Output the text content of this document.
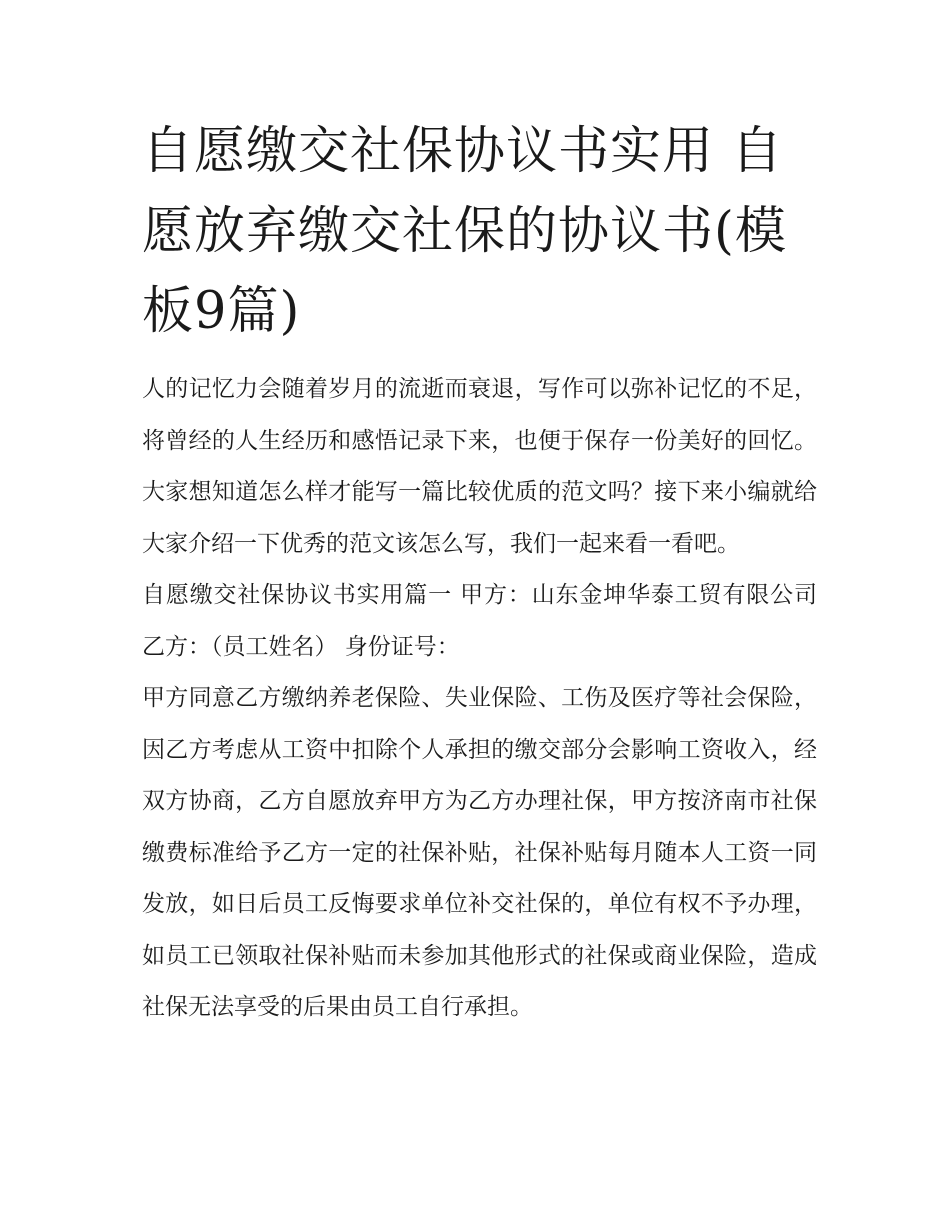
自愿缴交社保协议书实用 自愿放弃缴交社保的协议书(模板9篇)

人的记忆力会随着岁月的流逝而衰退，写作可以弥补记忆的不足，将曾经的人生经历和感悟记录下来，也便于保存一份美好的回忆。大家想知道怎么样才能写一篇比较优质的范文吗？接下来小编就给大家介绍一下优秀的范文该怎么写，我们一起来看一看吧。

自愿缴交社保协议书实用篇一 甲方：山东金坤华泰工贸有限公司 乙方：（员工姓名） 身份证号：

甲方同意乙方缴纳养老保险、失业保险、工伤及医疗等社会保险，因乙方考虑从工资中扣除个人承担的缴交部分会影响工资收入，经双方协商，乙方自愿放弃甲方为乙方办理社保，甲方按济南市社保缴费标准给予乙方一定的社保补贴，社保补贴每月随本人工资一同发放，如日后员工反悔要求单位补交社保的，单位有权不予办理，如员工已领取社保补贴而未参加其他形式的社保或商业保险，造成社保无法享受的后果由员工自行承担。
